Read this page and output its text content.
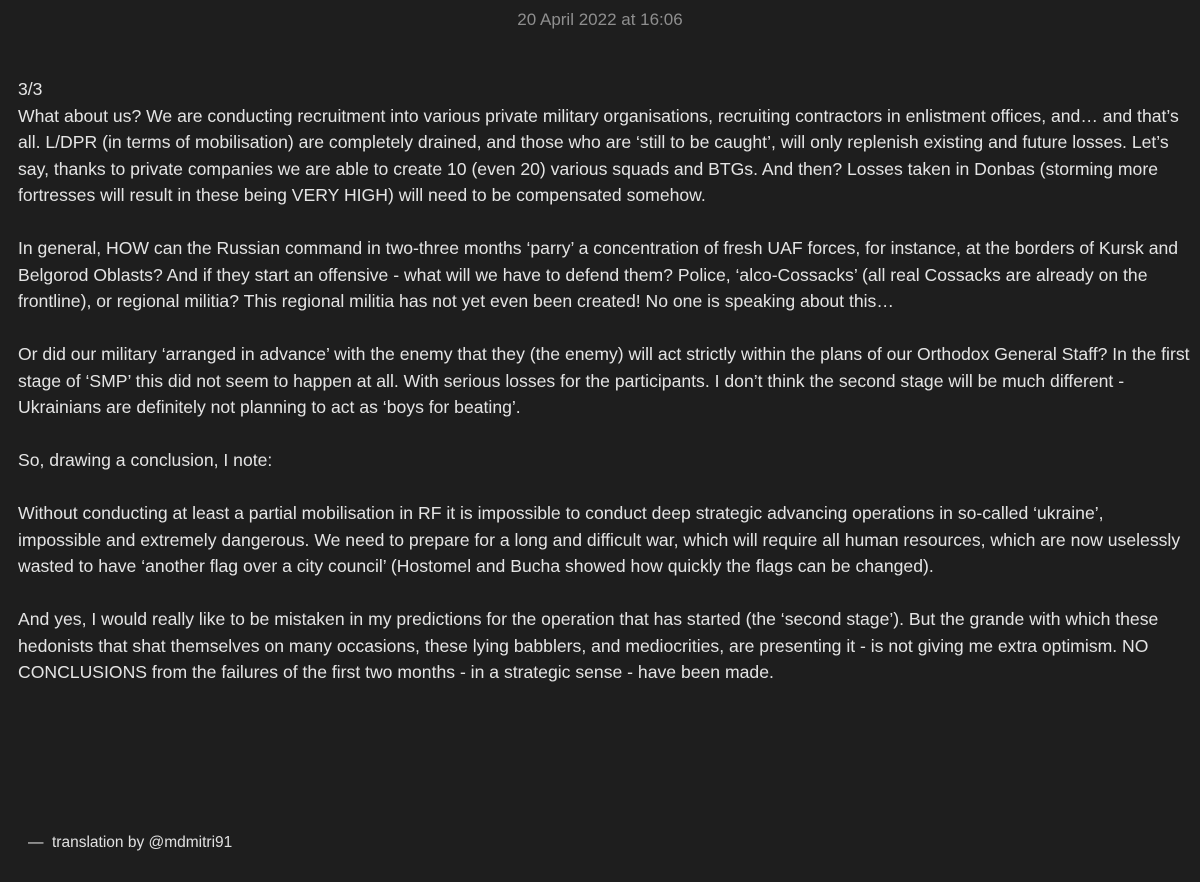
20 April 2022 at 16:06
3/3

What about us? We are conducting recruitment into various private military organisations, recruiting contractors in enlistment offices, and… and that’s all. L/DPR (in terms of mobilisation) are completely drained, and those who are ‘still to be caught’, will only replenish existing and future losses. Let’s say, thanks to private companies we are able to create 10 (even 20) various squads and BTGs. And then? Losses taken in Donbas (storming more fortresses will result in these being VERY HIGH) will need to be compensated somehow.

In general, HOW can the Russian command in two-three months ‘parry’ a concentration of fresh UAF forces, for instance, at the borders of Kursk and Belgorod Oblasts? And if they start an offensive - what will we have to defend them? Police, ‘alco-Cossacks’ (all real Cossacks are already on the frontline), or regional militia? This regional militia has not yet even been created! No one is speaking about this…

Or did our military ‘arranged in advance’ with the enemy that they (the enemy) will act strictly within the plans of our Orthodox General Staff? In the first stage of ‘SMP’ this did not seem to happen at all. With serious losses for the participants. I don’t think the second stage will be much different - Ukrainians are definitely not planning to act as ‘boys for beating’.

So, drawing a conclusion, I note:

Without conducting at least a partial mobilisation in RF it is impossible to conduct deep strategic advancing operations in so-called ‘ukraine’, impossible and extremely dangerous. We need to prepare for a long and difficult war, which will require all human resources, which are now uselessly wasted to have ‘another flag over a city council’ (Hostomel and Bucha showed how quickly the flags can be changed).

And yes, I would really like to be mistaken in my predictions for the operation that has started (the ‘second stage’). But the grande with which these hedonists that shat themselves on many occasions, these lying babblers, and mediocrities, are presenting it - is not giving me extra optimism. NO CONCLUSIONS from the failures of the first two months - in a strategic sense - have been made.

— translation by @mdmitri91
